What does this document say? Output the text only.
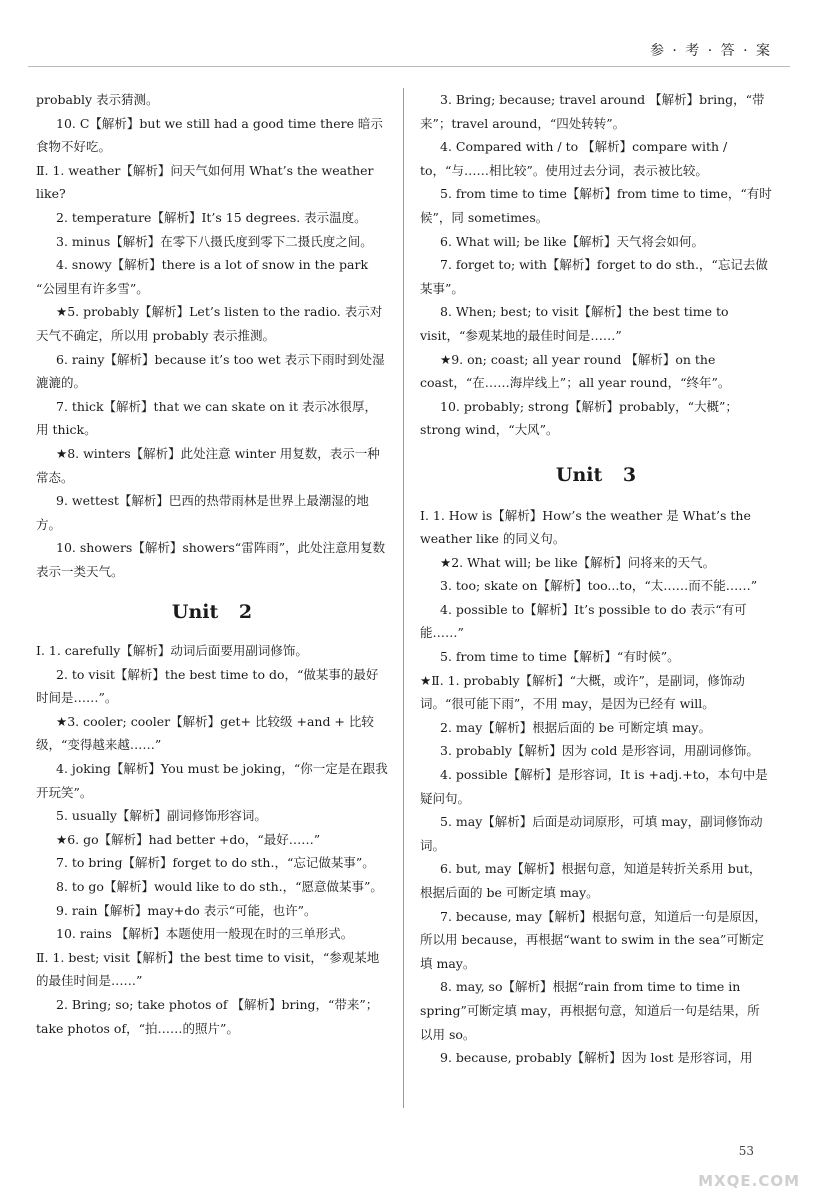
参 · 考 · 答 · 案

probably 表示猜测。

10. C【解析】but we still had a good time there 暗示食物不好吃。

Ⅱ. 1. weather【解析】问天气如何用 What’s the weather like?

2. temperature【解析】It’s 15 degrees. 表示温度。

3. minus【解析】在零下八摄氏度到零下二摄氏度之间。

4. snowy【解析】there is a lot of snow in the park “公园里有许多雪”。

★5. probably【解析】Let’s listen to the radio. 表示对天气不确定，所以用 probably 表示推测。

6. rainy【解析】because it’s too wet 表示下雨时到处湿漉漉的。

7. thick【解析】that we can skate on it 表示冰很厚，用 thick。

★8. winters【解析】此处注意 winter 用复数，表示一种常态。

9. wettest【解析】巴西的热带雨林是世界上最潮湿的地方。

10. showers【解析】showers“雷阵雨”，此处注意用复数表示一类天气。

Unit 2

Ⅰ. 1. carefully【解析】动词后面要用副词修饰。

2. to visit【解析】the best time to do，“做某事的最好时间是……”。

★3. cooler; cooler【解析】get+ 比较级 +and + 比较级，“变得越来越……”

4. joking【解析】You must be joking，“你一定是在跟我开玩笑”。

5. usually【解析】副词修饰形容词。

★6. go【解析】had better +do，“最好……”

7. to bring【解析】forget to do sth.，“忘记做某事”。

8. to go【解析】would like to do sth.，“愿意做某事”。

9. rain【解析】may+do 表示“可能，也许”。

10. rains 【解析】本题使用一般现在时的三单形式。

Ⅱ. 1. best; visit【解析】the best time to visit，“参观某地的最佳时间是……”

2. Bring; so; take photos of 【解析】bring，“带来”；take photos of，“拍……的照片”。

3. Bring; because; travel around 【解析】bring，“带来”；travel around，“四处转转”。

4. Compared with / to 【解析】compare with / to，“与……相比较”。使用过去分词，表示被比较。

5. from time to time【解析】from time to time，“有时候”，同 sometimes。

6. What will; be like【解析】天气将会如何。

7. forget to; with【解析】forget to do sth.，“忘记去做某事”。

8. When; best; to visit【解析】the best time to visit，“参观某地的最佳时间是……”

★9. on; coast; all year round 【解析】on the coast，“在……海岸线上”；all year round，“终年”。

10. probably; strong【解析】probably，“大概”；strong wind，“大风”。

Unit 3

Ⅰ. 1. How is【解析】How’s the weather 是 What’s the weather like 的同义句。

★2. What will; be like【解析】问将来的天气。

3. too; skate on【解析】too...to，“太……而不能……”

4. possible to【解析】It’s possible to do 表示“有可能……”

5. from time to time【解析】“有时候”。

★Ⅱ. 1. probably【解析】“大概，或许”，是副词，修饰动词。“很可能下雨”，不用 may，是因为已经有 will。

2. may【解析】根据后面的 be 可断定填 may。

3. probably【解析】因为 cold 是形容词，用副词修饰。

4. possible【解析】是形容词，It is +adj.+to，本句中是疑问句。

5. may【解析】后面是动词原形，可填 may，副词修饰动词。

6. but, may【解析】根据句意，知道是转折关系用 but，根据后面的 be 可断定填 may。

7. because, may【解析】根据句意，知道后一句是原因，所以用 because，再根据“want to swim in the sea”可断定填 may。

8. may, so【解析】根据“rain from time to time in spring”可断定填 may，再根据句意，知道后一句是结果，所以用 so。

9. because, probably【解析】因为 lost 是形容词，用

53
MXQE.COM
